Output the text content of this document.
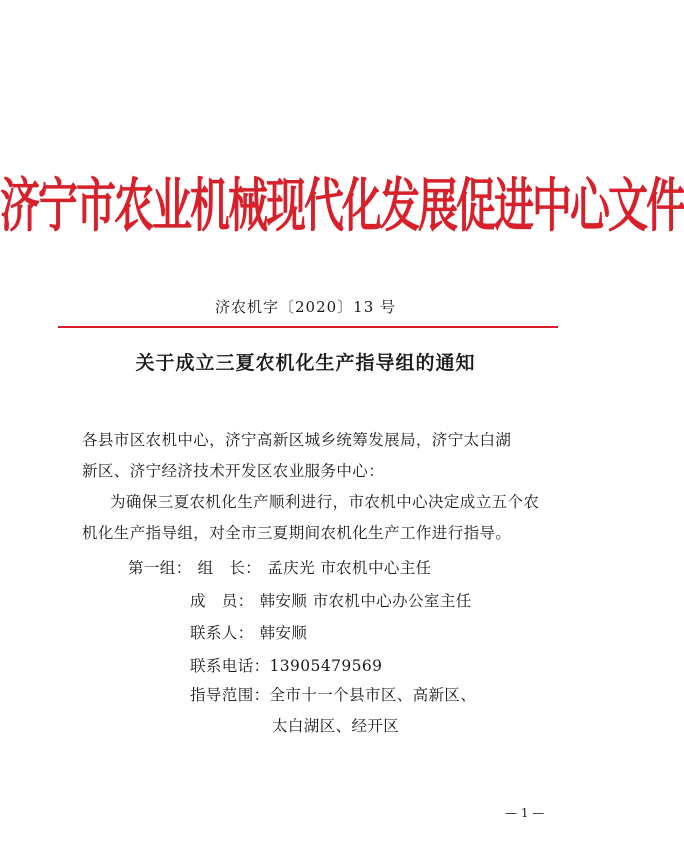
济宁市农业机械现代化发展促进中心文件
济农机字〔2020〕13 号
关于成立三夏农机化生产指导组的通知
各县市区农机中心，济宁高新区城乡统筹发展局，济宁太白湖
新区、济宁经济技术开发区农业服务中心：
为确保三夏农机化生产顺利进行，市农机中心决定成立五个农
机化生产指导组，对全市三夏期间农机化生产工作进行指导。
第一组： 组　长： 孟庆光 市农机中心主任
成　员： 韩安顺 市农机中心办公室主任
联系人： 韩安顺
联系电话：13905479569
指导范围：全市十一个县市区、高新区、
太白湖区、经开区
— 1 —
